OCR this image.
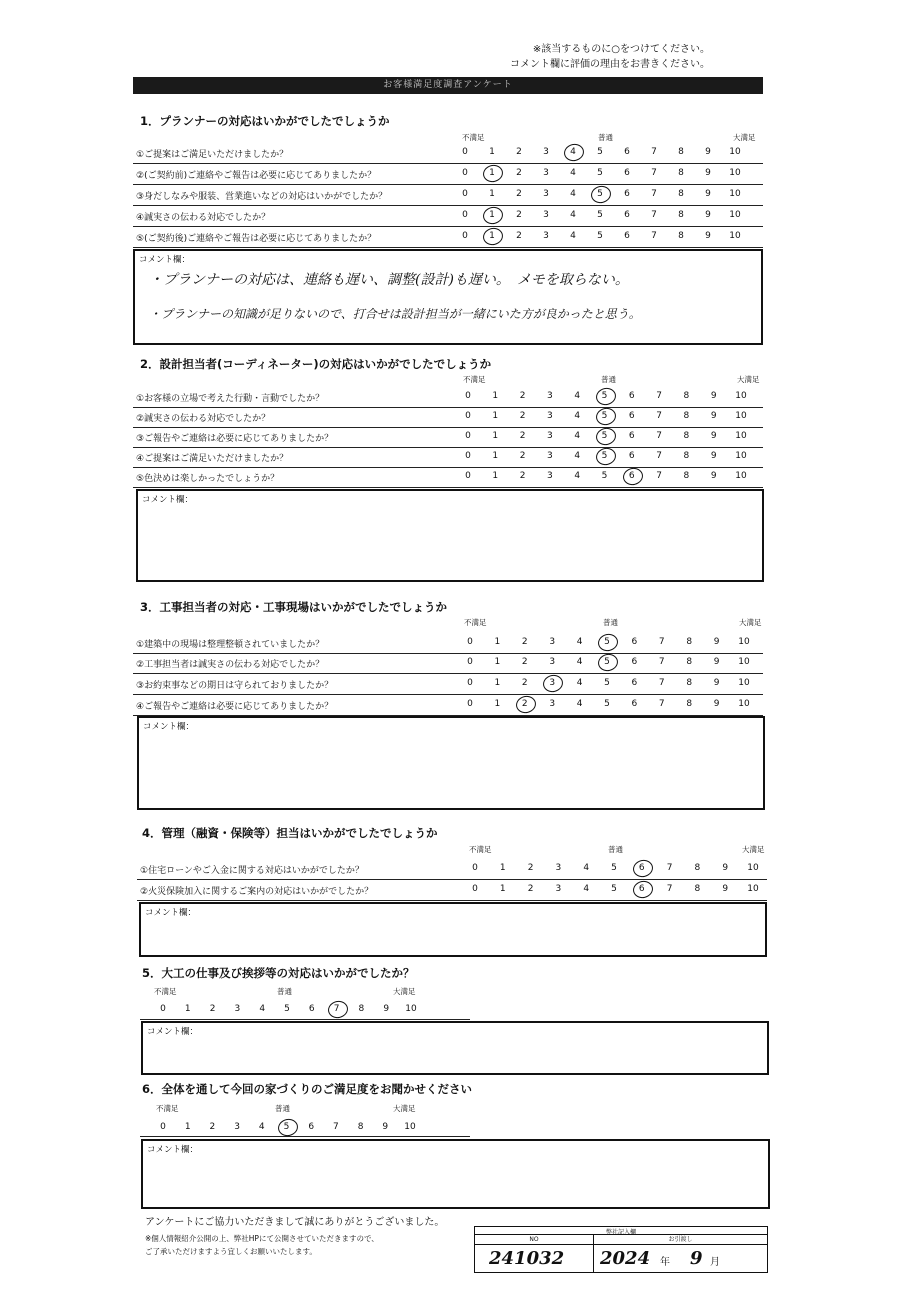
※該当するものに○をつけてください。
コメント欄に評価の理由をお書きください。
お客様満足度調査アンケート
1．プランナーの対応はいかがでしたでしょうか
不満足	普通	大満足
①ご提案はご満足いただけましたか？	0	1	2	3	4	5	6	7	8	9	10
②(ご契約前)ご連絡やご報告は必要に応じてありましたか？	0	1	2	3	4	5	6	7	8	9	10
③身だしなみや服装、営業進いなどの対応はいかがでしたか？	0	1	2	3	4	5	6	7	8	9	10
④誠実さの伝わる対応でしたか？	0	1	2	3	4	5	6	7	8	9	10
⑤(ご契約後)ご連絡やご報告は必要に応じてありましたか？	0	1	2	3	4	5	6	7	8	9	10
コメント欄：
・プランナーの対応は、連絡も遅い、調整(設計)も遅い。　メモを取らない。
・プランナーの知識が足りないので、打合せは設計担当が一緒にいた方が良かったと思う。
2．設計担当者(コーディネーター)の対応はいかがでしたでしょうか
不満足	普通	大満足
①お客様の立場で考えた行動・言動でしたか？	0	1	2	3	4	5	6	7	8	9	10
②誠実さの伝わる対応でしたか？	0	1	2	3	4	5	6	7	8	9	10
③ご報告やご連絡は必要に応じてありましたか？	0	1	2	3	4	5	6	7	8	9	10
④ご提案はご満足いただけましたか？	0	1	2	3	4	5	6	7	8	9	10
⑤色決めは楽しかったでしょうか？	0	1	2	3	4	5	6	7	8	9	10
コメント欄：
3．工事担当者の対応・工事現場はいかがでしたでしょうか
不満足	普通	大満足
①建築中の現場は整理整頓されていましたか？	0	1	2	3	4	5	6	7	8	9	10
②工事担当者は誠実さの伝わる対応でしたか？	0	1	2	3	4	5	6	7	8	9	10
③お約束事などの期日は守られておりましたか？	0	1	2	3	4	5	6	7	8	9	10
④ご報告やご連絡は必要に応じてありましたか？	0	1	2	3	4	5	6	7	8	9	10
コメント欄：
4．管理（融資・保険等）担当はいかがでしたでしょうか
不満足	普通	大満足
①住宅ローンやご入金に関する対応はいかがでしたか？	0	1	2	3	4	5	6	7	8	9	10
②火災保険加入に関するご案内の対応はいかがでしたか？	0	1	2	3	4	5	6	7	8	9	10
コメント欄：
5．大工の仕事及び挨拶等の対応はいかがでしたか？
不満足	普通	大満足
0	1	2	3	4	5	6	7	8	9	10
コメント欄：
6．全体を通して今回の家づくりのご満足度をお聞かせください
不満足	普通	大満足
0	1	2	3	4	5	6	7	8	9	10
コメント欄：
アンケートにご協力いただきまして誠にありがとうございました。
※個人情報紹介公開の上、弊社HPにて公開させていただきますので、
ご了承いただけますよう宜しくお願いいたします。
弊社記入欄
NO
241032
お引渡し
2024 年 9 月
